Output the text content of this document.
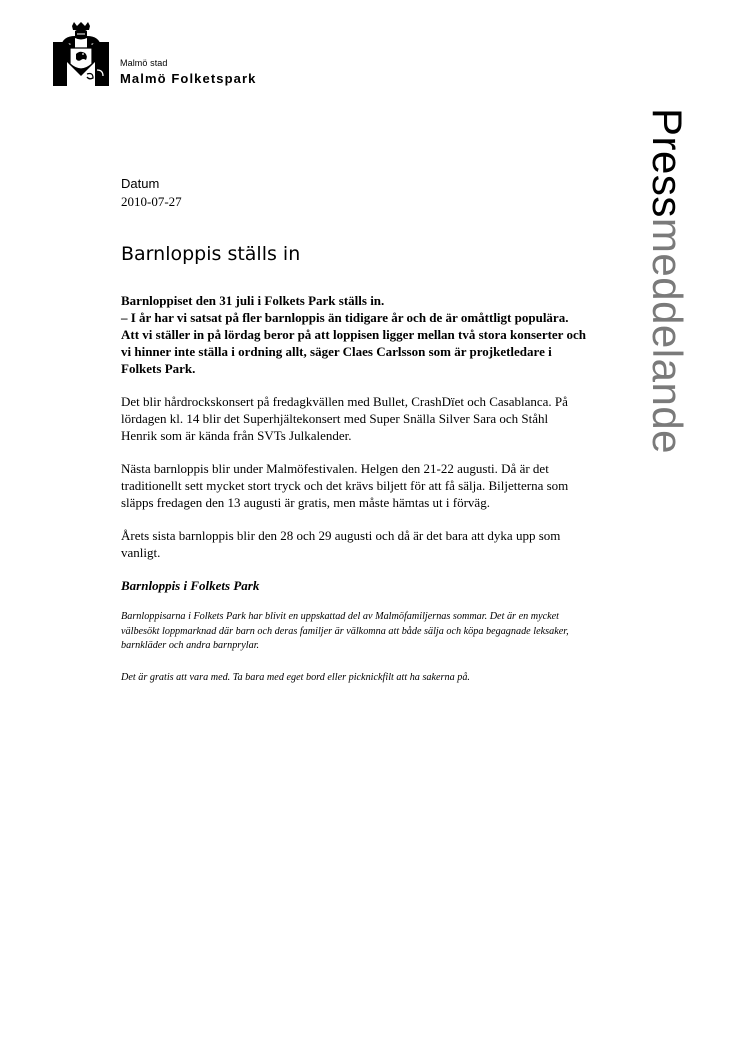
Malmö stad
Malmö Folketspark
Pressmeddelande
Datum
2010-07-27
Barnloppis ställs in

Barnloppiset den 31 juli i Folkets Park ställs in.
– I år har vi satsat på fler barnloppis än tidigare år och de är omåttligt populära. Att vi ställer in på lördag beror på att loppisen ligger mellan två stora konserter och vi hinner inte ställa i ordning allt, säger Claes Carlsson som är projketledare i Folkets Park.

Det blir hårdrockskonsert på fredagkvällen med Bullet, CrashDïet och Casablanca. På lördagen kl. 14 blir det Superhjältekonsert med Super Snälla Silver Sara och Ståhl Henrik som är kända från SVTs Julkalender.

Nästa barnloppis blir under Malmöfestivalen. Helgen den 21-22 augusti. Då är det traditionellt sett mycket stort tryck och det krävs biljett för att få sälja. Biljetterna som släpps fredagen den 13 augusti är gratis, men måste hämtas ut i förväg.

Årets sista barnloppis blir den 28 och 29 augusti och då är det bara att dyka upp som vanligt.

Barnloppis i Folkets Park

Barnloppisarna i Folkets Park har blivit en uppskattad del av Malmöfamiljernas sommar. Det är en mycket välbesökt loppmarknad där barn och deras familjer är välkomna att både sälja och köpa begagnade leksaker, barnkläder och andra barnprylar.

Det är gratis att vara med. Ta bara med eget bord eller picknickfilt att ha sakerna på.
